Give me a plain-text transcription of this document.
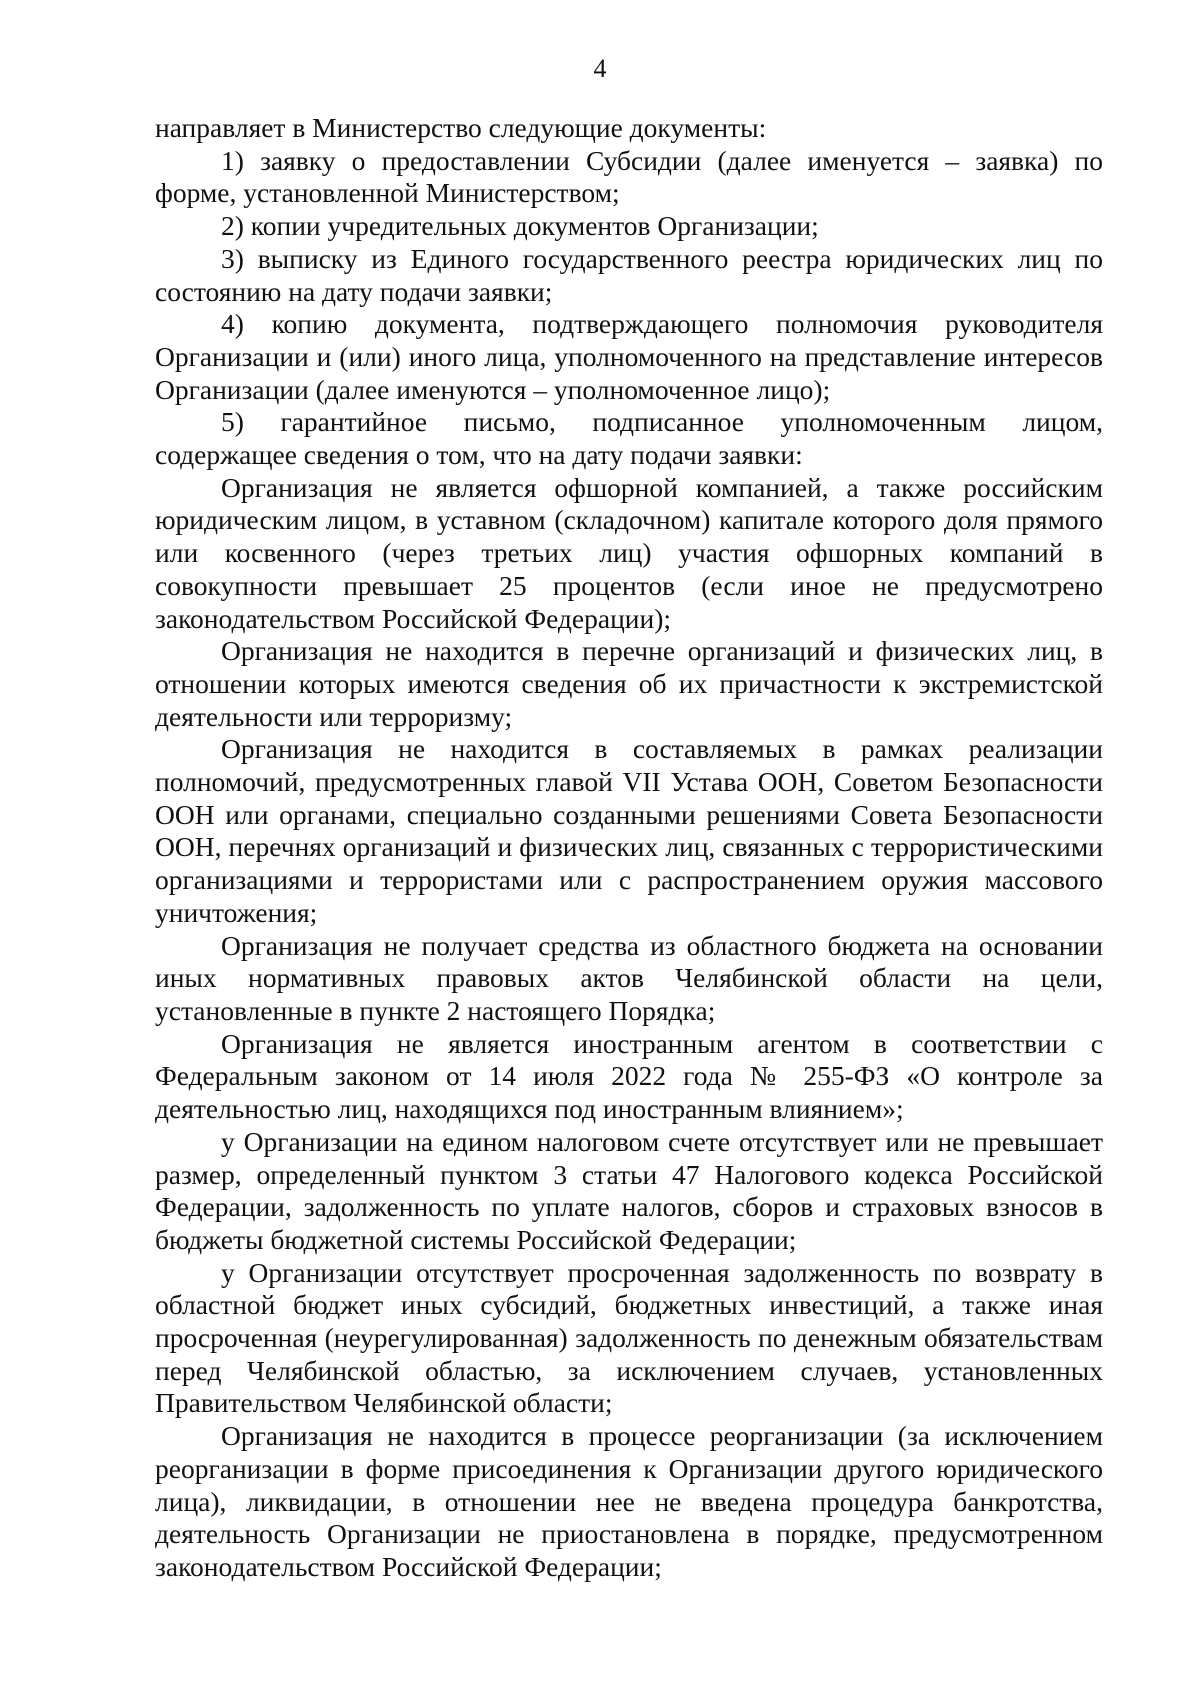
4

направляет в Министерство следующие документы:

1) заявку о предоставлении Субсидии (далее именуется – заявка) по форме, установленной Министерством;

2) копии учредительных документов Организации;

3) выписку из Единого государственного реестра юридических лиц по состоянию на дату подачи заявки;

4) копию документа, подтверждающего полномочия руководителя Организации и (или) иного лица, уполномоченного на представление интересов Организации (далее именуются – уполномоченное лицо);

5) гарантийное письмо, подписанное уполномоченным лицом, содержащее сведения о том, что на дату подачи заявки:

Организация не является офшорной компанией, а также российским юридическим лицом, в уставном (складочном) капитале которого доля прямого или косвенного (через третьих лиц) участия офшорных компаний в совокупности превышает 25 процентов (если иное не предусмотрено законодательством Российской Федерации);

Организация не находится в перечне организаций и физических лиц, в отношении которых имеются сведения об их причастности к экстремистской деятельности или терроризму;

Организация не находится в составляемых в рамках реализации полномочий, предусмотренных главой VII Устава ООН, Советом Безопасности ООН или органами, специально созданными решениями Совета Безопасности ООН, перечнях организаций и физических лиц, связанных с террористическими организациями и террористами или с распространением оружия массового уничтожения;

Организация не получает средства из областного бюджета на основании иных нормативных правовых актов Челябинской области на цели, установленные в пункте 2 настоящего Порядка;

Организация не является иностранным агентом в соответствии с Федеральным законом от 14 июля 2022 года № 255-ФЗ «О контроле за деятельностью лиц, находящихся под иностранным влиянием»;

у Организации на едином налоговом счете отсутствует или не превышает размер, определенный пунктом 3 статьи 47 Налогового кодекса Российской Федерации, задолженность по уплате налогов, сборов и страховых взносов в бюджеты бюджетной системы Российской Федерации;

у Организации отсутствует просроченная задолженность по возврату в областной бюджет иных субсидий, бюджетных инвестиций, а также иная просроченная (неурегулированная) задолженность по денежным обязательствам перед Челябинской областью, за исключением случаев, установленных Правительством Челябинской области;

Организация не находится в процессе реорганизации (за исключением реорганизации в форме присоединения к Организации другого юридического лица), ликвидации, в отношении нее не введена процедура банкротства, деятельность Организации не приостановлена в порядке, предусмотренном законодательством Российской Федерации;
